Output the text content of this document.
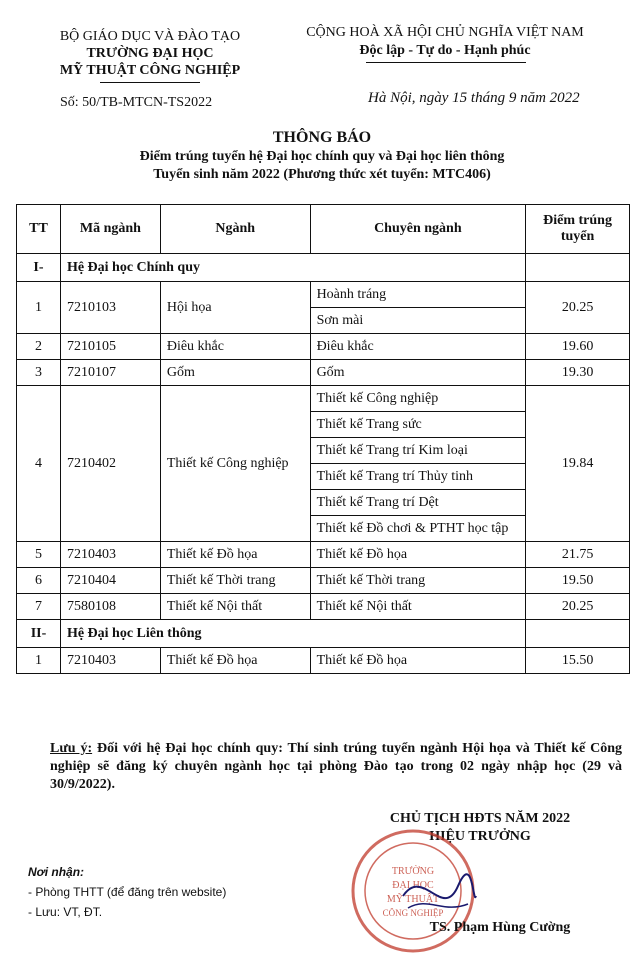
BỘ GIÁO DỤC VÀ ĐÀO TẠO
TRƯỜNG ĐẠI HỌC
MỸ THUẬT CÔNG NGHIỆP
CỘNG HOÀ XÃ HỘI CHỦ NGHĨA VIỆT NAM
Độc lập - Tự do - Hạnh phúc
Số: 50/TB-MTCN-TS2022	Hà Nội, ngày 15 tháng 9 năm 2022
THÔNG BÁO
Điểm trúng tuyển hệ Đại học chính quy và Đại học liên thông
Tuyển sinh năm 2022 (Phương thức xét tuyển: MTC406)
TT	Mã ngành	Ngành	Chuyên ngành	Điểm trúng tuyển
I-	Hệ Đại học Chính quy			
1	7210103	Hội họa	Hoành tráng	20.25
			Sơn mài	
2	7210105	Điêu khắc	Điêu khắc	19.60
3	7210107	Gốm	Gốm	19.30
4	7210402	Thiết kế Công nghiệp	Thiết kế Công nghiệp	19.84
			Thiết kế Trang sức	
			Thiết kế Trang trí Kim loại	
			Thiết kế Trang trí Thủy tinh	
			Thiết kế Trang trí Dệt	
			Thiết kế Đồ chơi & PTHT học tập	
5	7210403	Thiết kế Đồ họa	Thiết kế Đồ họa	21.75
6	7210404	Thiết kế Thời trang	Thiết kế Thời trang	19.50
7	7580108	Thiết kế Nội thất	Thiết kế Nội thất	20.25
II-	Hệ Đại học Liên thông			
1	7210403	Thiết kế Đồ họa	Thiết kế Đồ họa	15.50
Lưu ý: Đối với hệ Đại học chính quy: Thí sinh trúng tuyển ngành Hội họa và Thiết kế Công nghiệp sẽ đăng ký chuyên ngành học tại phòng Đào tạo trong 02 ngày nhập học (29 và 30/9/2022).
CHỦ TỊCH HĐTS NĂM 2022
HIỆU TRƯỞNG
TRƯỜNG
ĐẠI HỌC
MỸ THUẬT
CÔNG NGHIỆP
TS. Phạm Hùng Cường
Nơi nhận:
- Phòng THTT (để đăng trên website)
- Lưu: VT, ĐT.
